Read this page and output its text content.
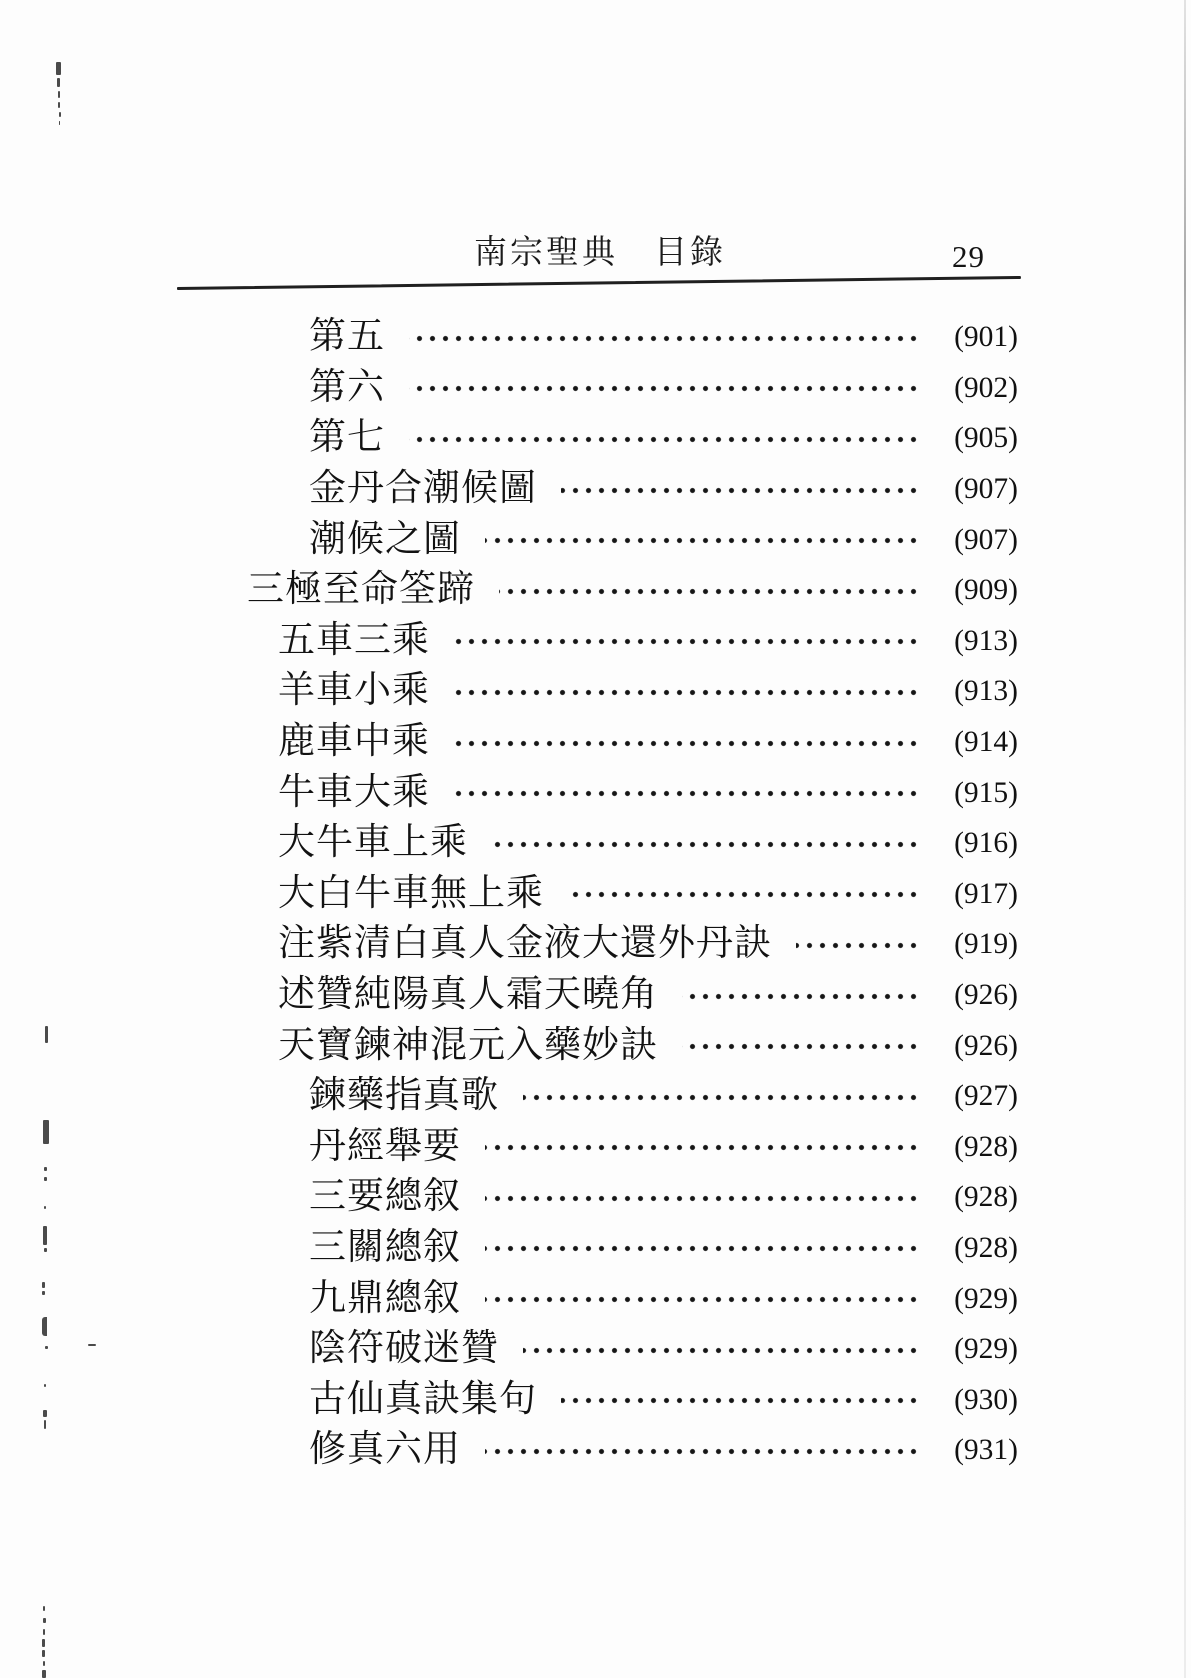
南宗聖典　目錄	29
第五	(901)
第六	(902)
第七	(905)
金丹合潮候圖	(907)
潮候之圖	(907)
三極至命筌蹄	(909)
五車三乘	(913)
羊車小乘	(913)
鹿車中乘	(914)
牛車大乘	(915)
大牛車上乘	(916)
大白牛車無上乘	(917)
注紫清白真人金液大還外丹訣	(919)
述贊純陽真人霜天曉角	(926)
天寶鍊神混元入藥妙訣	(926)
鍊藥指真歌	(927)
丹經舉要	(928)
三要總叙	(928)
三關總叙	(928)
九鼎總叙	(929)
陰符破迷贊	(929)
古仙真訣集句	(930)
修真六用	(931)
